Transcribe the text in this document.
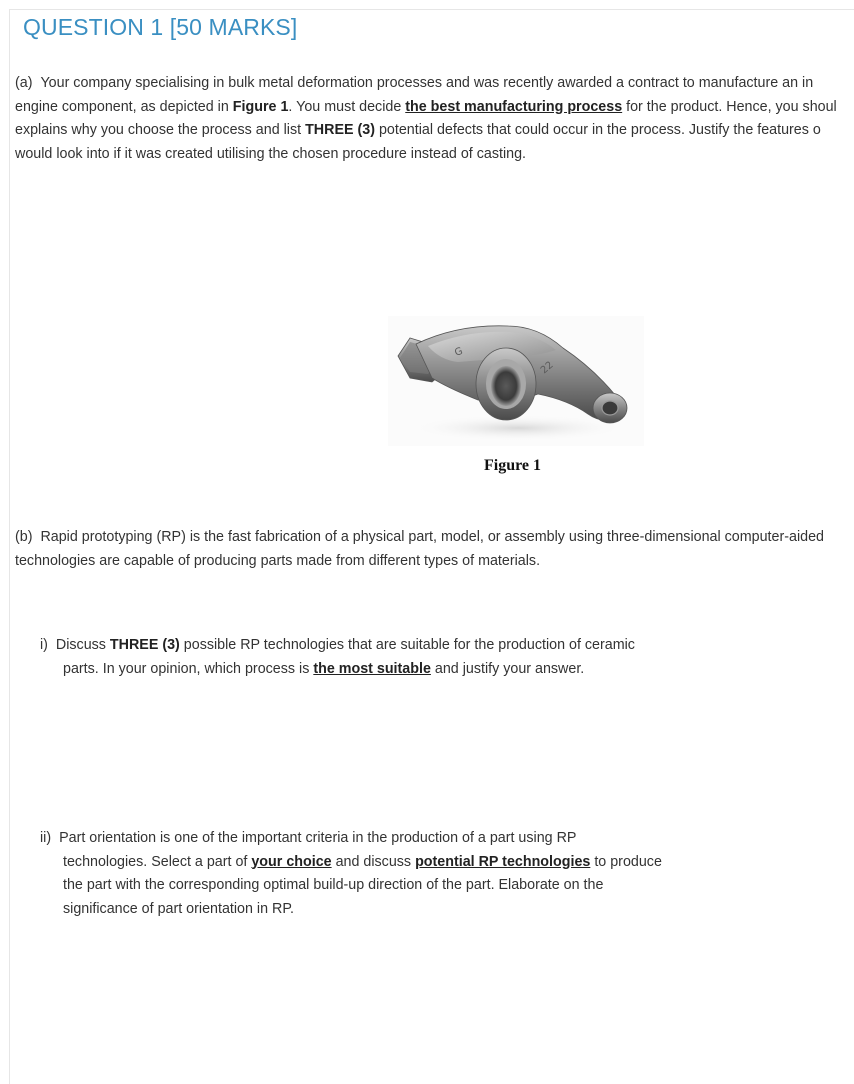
QUESTION 1 [50 MARKS]
(a) Your company specialising in bulk metal deformation processes and was recently awarded a contract to manufacture an in
engine component, as depicted in Figure 1. You must decide the best manufacturing process for the product. Hence, you shoul
explains why you choose the process and list THREE (3) potential defects that could occur in the process. Justify the features o
would look into if it was created utilising the chosen procedure instead of casting.
G
22
Figure 1
(b) Rapid prototyping (RP) is the fast fabrication of a physical part, model, or assembly using three-dimensional computer-aided
technologies are capable of producing parts made from different types of materials.
i) Discuss THREE (3) possible RP technologies that are suitable for the production of ceramic
parts. In your opinion, which process is the most suitable and justify your answer.
ii) Part orientation is one of the important criteria in the production of a part using RP
technologies. Select a part of your choice and discuss potential RP technologies to produce
the part with the corresponding optimal build-up direction of the part. Elaborate on the
significance of part orientation in RP.
